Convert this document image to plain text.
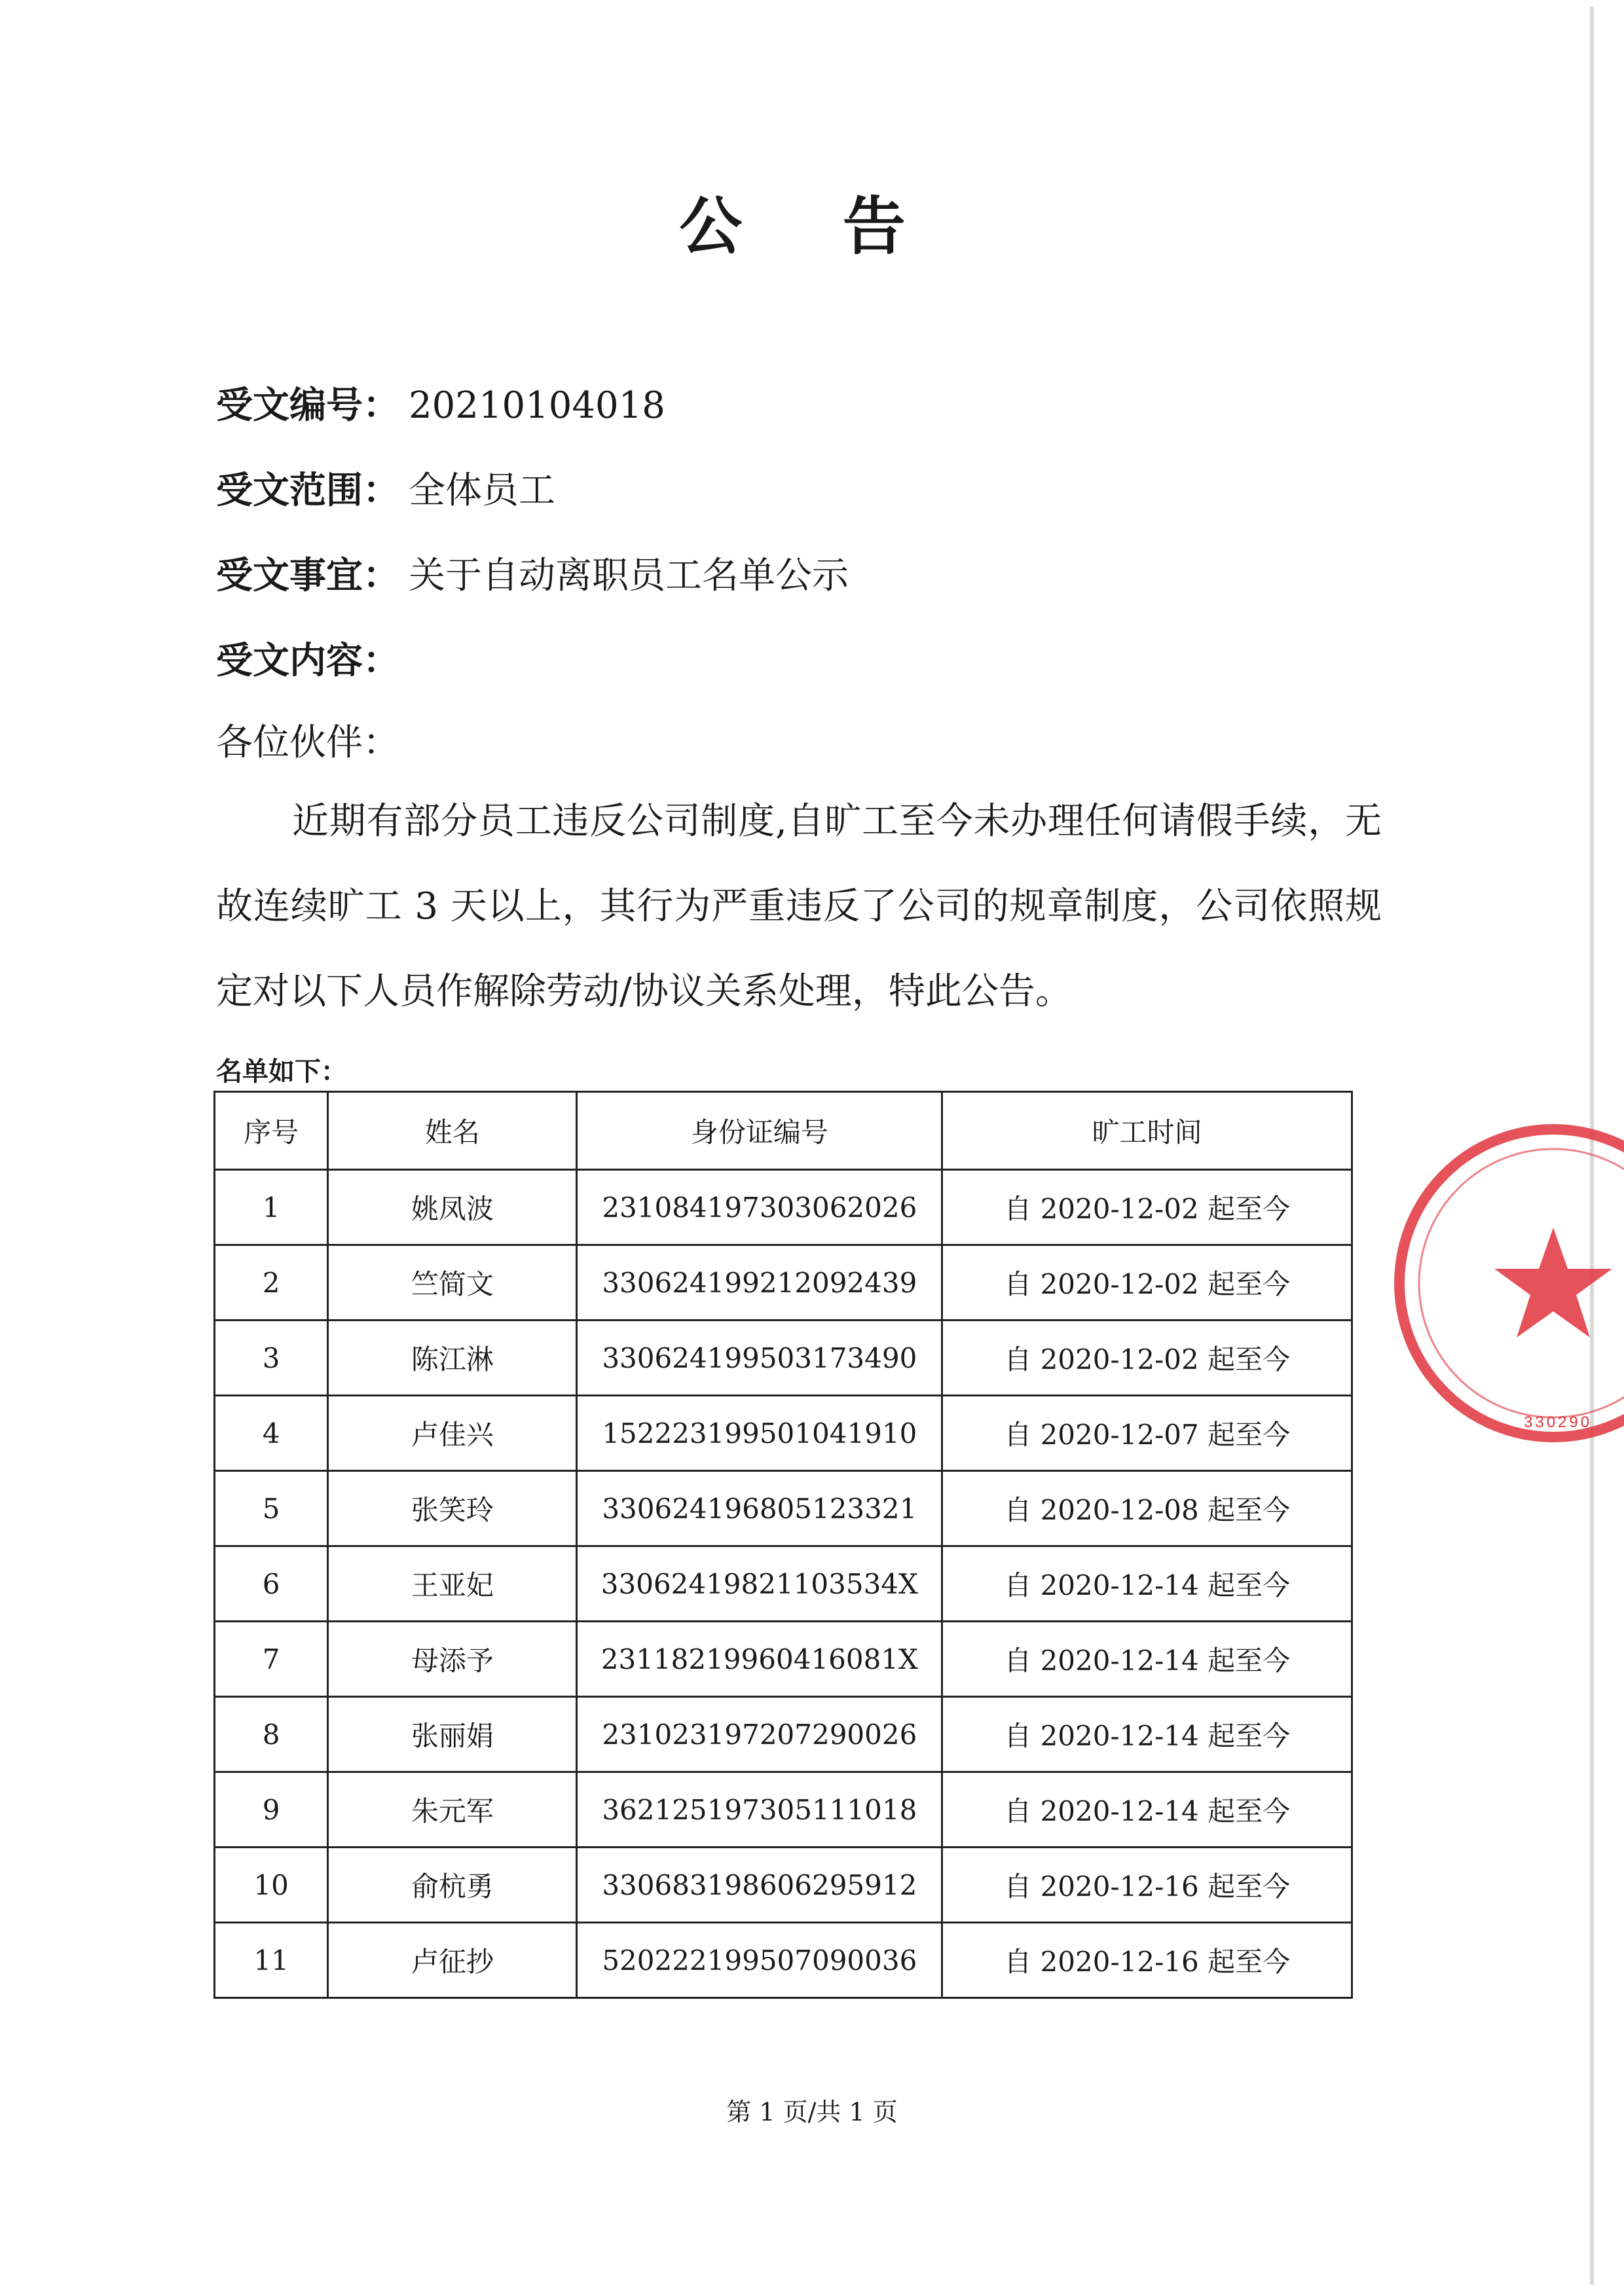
公 告
受文编号： 20210104018
受文范围： 全体员工
受文事宜： 关于自动离职员工名单公示
受文内容：
各位伙伴：
近期有部分员工违反公司制度,自旷工至今未办理任何请假手续，无故连续旷工 3 天以上，其行为严重违反了公司的规章制度，公司依照规定对以下人员作解除劳动/协议关系处理，特此公告。
名单如下：
序号	姓名	身份证编号	旷工时间
1	姚凤波	231084197303062026	自 2020-12-02 起至今
2	竺简文	330624199212092439	自 2020-12-02 起至今
3	陈江淋	330624199503173490	自 2020-12-02 起至今
4	卢佳兴	152223199501041910	自 2020-12-07 起至今
5	张笑玲	330624196805123321	自 2020-12-08 起至今
6	王亚妃	33062419821103534X	自 2020-12-14 起至今
7	母添予	23118219960416081X	自 2020-12-14 起至今
8	张丽娟	231023197207290026	自 2020-12-14 起至今
9	朱元军	362125197305111018	自 2020-12-14 起至今
10	俞杭勇	330683198606295912	自 2020-12-16 起至今
11	卢征抄	520222199507090036	自 2020-12-16 起至今
330290
第 1 页/共 1 页
